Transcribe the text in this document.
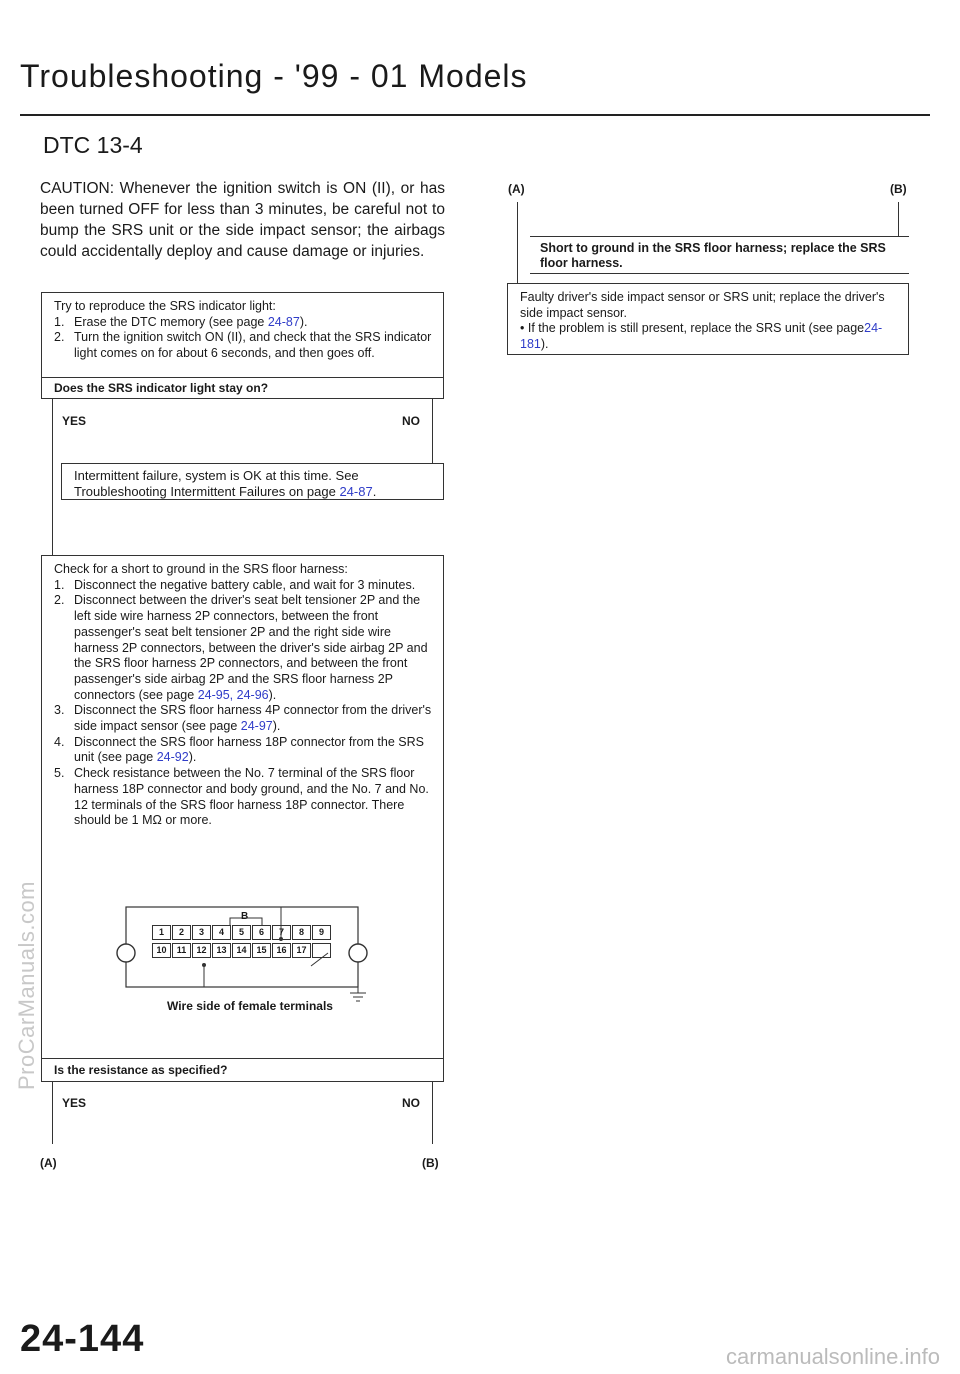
Troubleshooting - '99 - 01 Models
DTC 13-4
CAUTION: Whenever the ignition switch is ON (II), or has been turned OFF for less than 3 minutes, be careful not to bump the SRS unit or the side impact sensor; the airbags could accidentally deploy and cause damage or injuries.
Try to reproduce the SRS indicator light:
1. Erase the DTC memory (see page 24-87).
2. Turn the ignition switch ON (II), and check that the SRS indicator light comes on for about 6 seconds, and then goes off.
Does the SRS indicator light stay on?
YES	NO
Intermittent failure, system is OK at this time. See Troubleshooting Intermittent Failures on page 24-87.
Check for a short to ground in the SRS floor harness:
1. Disconnect the negative battery cable, and wait for 3 minutes.
2. Disconnect between the driver's seat belt tensioner 2P and the left side wire harness 2P connectors, between the front passenger's seat belt tensioner 2P and the right side wire harness 2P connectors, between the driver's side airbag 2P and the SRS floor harness 2P connectors, and between the front passenger's side airbag 2P and the SRS floor harness 2P connectors (see page 24-95, 24-96).
3. Disconnect the SRS floor harness 4P connector from the driver's side impact sensor (see page 24-97).
4. Disconnect the SRS floor harness 18P connector from the SRS unit (see page 24-92).
5. Check resistance between the No. 7 terminal of the SRS floor harness 18P connector and body ground, and the No. 7 and No. 12 terminals of the SRS floor harness 18P connector. There should be 1 MΩ or more.
B
1	2	3	4	5	6	7	8	9
10	11	12	13	14	15	16	17
Wire side of female terminals
Is the resistance as specified?
YES	NO
(A)	(B)
(A)	(B)
Short to ground in the SRS floor harness; replace the SRS floor harness.
Faulty driver's side impact sensor or SRS unit; replace the driver's side impact sensor.
• If the problem is still present, replace the SRS unit (see page24-181).
ProCarManuals.com
24-144	carmanualsonline.info
